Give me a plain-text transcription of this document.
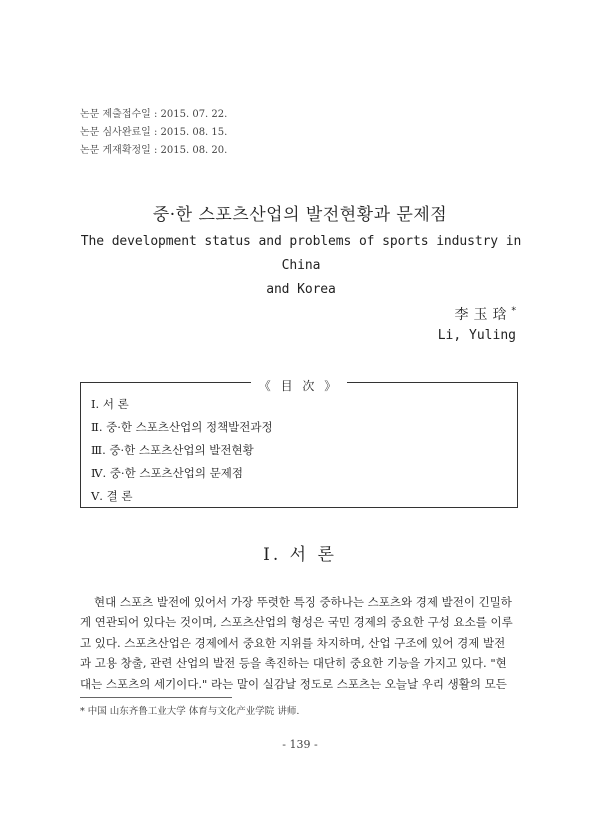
논문 제출접수일 : 2015. 07. 22.
논문 심사완료일 : 2015. 08. 15.
논문 게재확정일 : 2015. 08. 20.
중·한 스포츠산업의 발전현황과 문제점
The development status and problems of sports industry in China
and Korea
李玉琀*
Li, Yuling
《 目 次 》
Ⅰ. 서 론
Ⅱ. 중·한 스포츠산업의 정책발전과정
Ⅲ. 중·한 스포츠산업의 발전현황
Ⅳ. 중·한 스포츠산업의 문제점
Ⅴ. 결 론
Ⅰ. 서 론
현대 스포츠 발전에 있어서 가장 뚜렷한 특징 중하나는 스포츠와 경제 발전이 긴밀하
게 연관되어 있다는 것이며, 스포츠산업의 형성은 국민 경제의 중요한 구성 요소를 이루
고 있다. 스포츠산업은 경제에서 중요한 지위를 차지하며, 산업 구조에 있어 경제 발전
과 고용 창출, 관련 산업의 발전 등을 촉진하는 대단히 중요한 기능을 가지고 있다. "현
대는 스포츠의 세기이다." 라는 말이 실감날 정도로 스포츠는 오늘날 우리 생활의 모든
* 中国 山东齐鲁工业大学 体育与文化产业学院 讲师.
- 139 -
